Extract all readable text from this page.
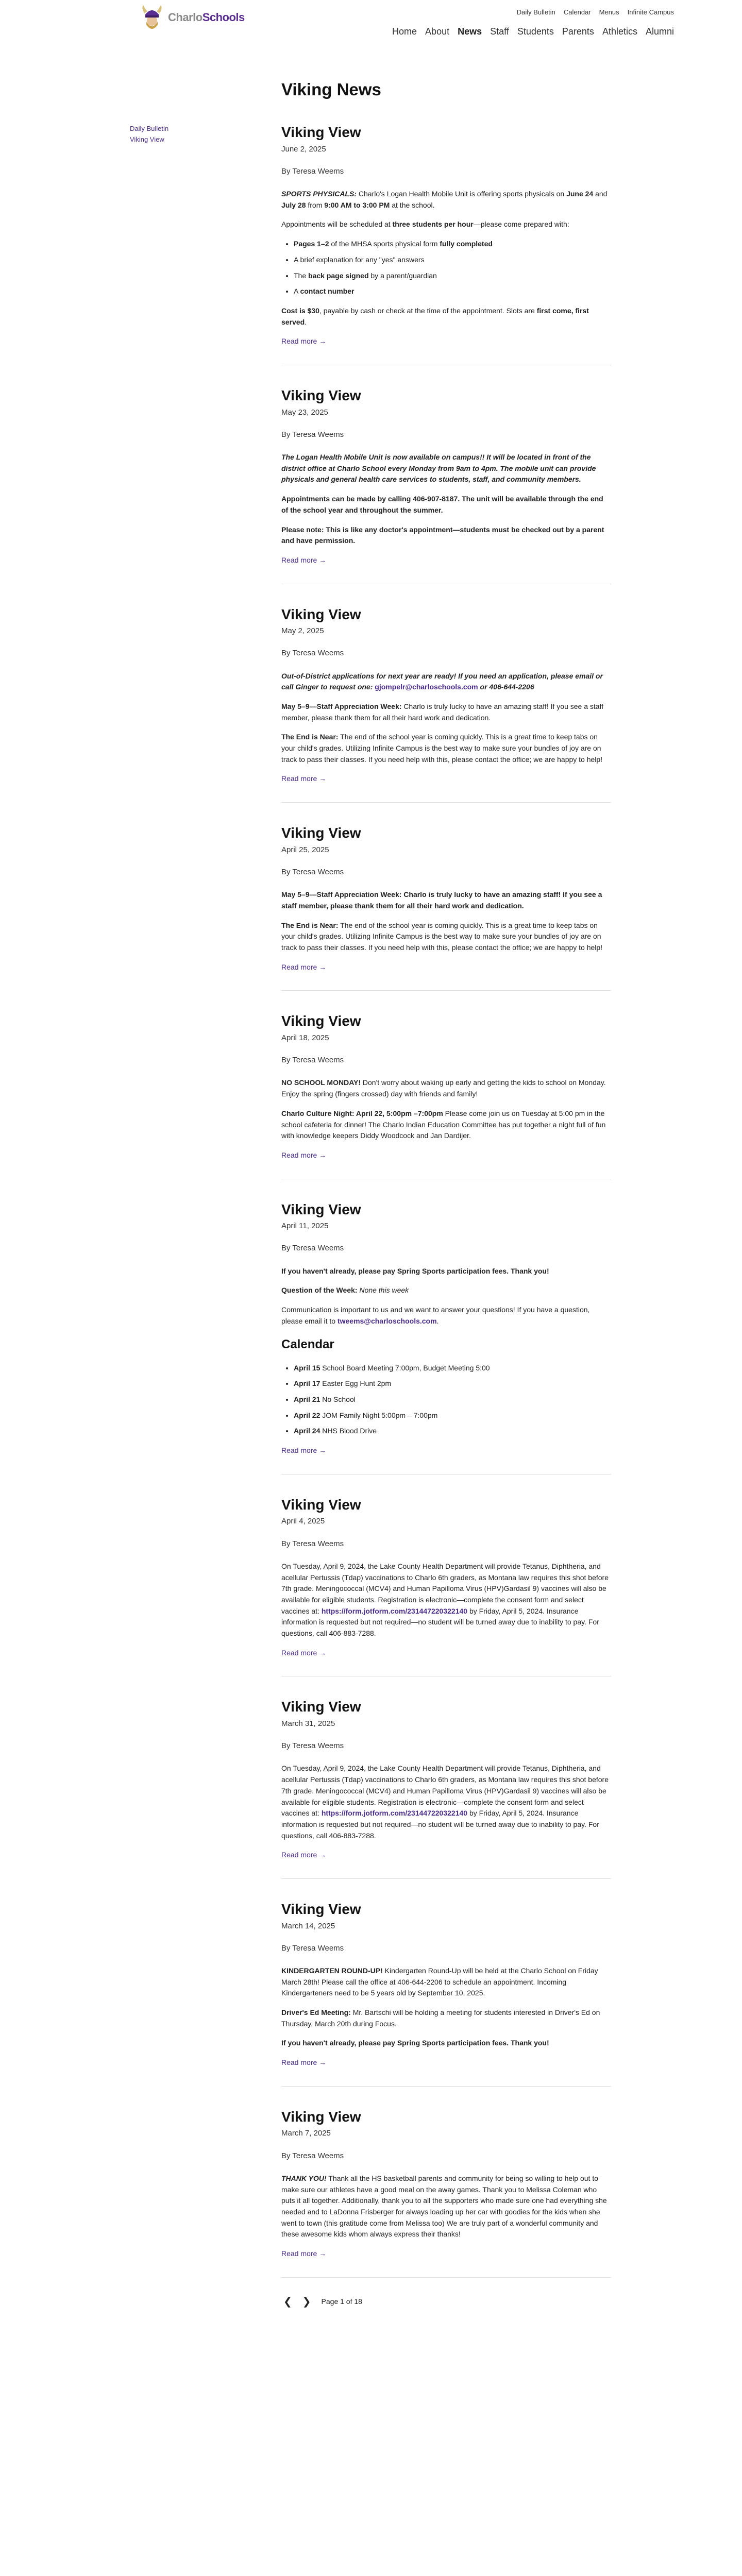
CharloSchools	Daily Bulletin Calendar Menus Infinite Campus
Home About News Staff Students Parents Athletics Alumni
Viking News
Daily Bulletin
Viking View	Viking View
June 2, 2025
By Teresa Weems

SPORTS PHYSICALS: Charlo's Logan Health Mobile Unit is offering sports physicals on June 24 and July 28 from 9:00 AM to 3:00 PM at the school.

Appointments will be scheduled at three students per hour—please come prepared with:

• Pages 1–2 of the MHSA sports physical form fully completed
• A brief explanation for any "yes" answers
• The back page signed by a parent/guardian
• A contact number

Cost is $30, payable by cash or check at the time of the appointment. Slots are first come, first served.

Read more →
Viking View
May 23, 2025
By Teresa Weems

The Logan Health Mobile Unit is now available on campus!! It will be located in front of the district office at Charlo School every Monday from 9am to 4pm. The mobile unit can provide physicals and general health care services to students, staff, and community members.

Appointments can be made by calling 406-907-8187. The unit will be available through the end of the school year and throughout the summer.

Please note: This is like any doctor's appointment—students must be checked out by a parent and have permission.

Read more →
Viking View
May 2, 2025
By Teresa Weems

Out-of-District applications for next year are ready! If you need an application, please email or call Ginger to request one: gjompelr@charloschools.com or 406-644-2206

May 5–9—Staff Appreciation Week: Charlo is truly lucky to have an amazing staff! If you see a staff member, please thank them for all their hard work and dedication.

The End is Near: The end of the school year is coming quickly. This is a great time to keep tabs on your child's grades. Utilizing Infinite Campus is the best way to make sure your bundles of joy are on track to pass their classes. If you need help with this, please contact the office; we are happy to help!

Read more →
Viking View
April 25, 2025
By Teresa Weems

May 5–9—Staff Appreciation Week: Charlo is truly lucky to have an amazing staff! If you see a staff member, please thank them for all their hard work and dedication.

The End is Near: The end of the school year is coming quickly. This is a great time to keep tabs on your child's grades. Utilizing Infinite Campus is the best way to make sure your bundles of joy are on track to pass their classes. If you need help with this, please contact the office; we are happy to help!

Read more →
Viking View
April 18, 2025
By Teresa Weems

NO SCHOOL MONDAY! Don't worry about waking up early and getting the kids to school on Monday. Enjoy the spring (fingers crossed) day with friends and family!

Charlo Culture Night: April 22, 5:00pm –7:00pm Please come join us on Tuesday at 5:00 pm in the school cafeteria for dinner! The Charlo Indian Education Committee has put together a night full of fun with knowledge keepers Diddy Woodcock and Jan Dardijer.

Read more →
Viking View
April 11, 2025
By Teresa Weems

If you haven't already, please pay Spring Sports participation fees. Thank you!

Question of the Week: None this week

Communication is important to us and we want to answer your questions! If you have a question, please email it to tweems@charloschools.com.

Calendar
• April 15 School Board Meeting 7:00pm, Budget Meeting 5:00
• April 17 Easter Egg Hunt 2pm
• April 21 No School
• April 22 JOM Family Night 5:00pm – 7:00pm
• April 24 NHS Blood Drive
Read more →
Viking View
April 4, 2025
By Teresa Weems

On Tuesday, April 9, 2024, the Lake County Health Department will provide Tetanus, Diphtheria, and acellular Pertussis (Tdap) vaccinations to Charlo 6th graders, as Montana law requires this shot before 7th grade. Meningococcal (MCV4) and Human Papilloma Virus (HPV)Gardasil 9) vaccines will also be available for eligible students. Registration is electronic—complete the consent form and select vaccines at: https://form.jotform.com/231447220322140 by Friday, April 5, 2024. Insurance information is requested but not required—no student will be turned away due to inability to pay. For questions, call 406-883-7288.

Read more →
Viking View
March 31, 2025
By Teresa Weems

On Tuesday, April 9, 2024, the Lake County Health Department will provide Tetanus, Diphtheria, and acellular Pertussis (Tdap) vaccinations to Charlo 6th graders, as Montana law requires this shot before 7th grade. Meningococcal (MCV4) and Human Papilloma Virus (HPV)Gardasil 9) vaccines will also be available for eligible students. Registration is electronic—complete the consent form and select vaccines at: https://form.jotform.com/231447220322140 by Friday, April 5, 2024. Insurance information is requested but not required—no student will be turned away due to inability to pay. For questions, call 406-883-7288.

Read more →
Viking View
March 14, 2025
By Teresa Weems

KINDERGARTEN ROUND-UP! Kindergarten Round-Up will be held at the Charlo School on Friday March 28th! Please call the office at 406-644-2206 to schedule an appointment. Incoming Kindergarteners need to be 5 years old by September 10, 2025.

Driver's Ed Meeting: Mr. Bartschi will be holding a meeting for students interested in Driver's Ed on Thursday, March 20th during Focus.

If you haven't already, please pay Spring Sports participation fees. Thank you!

Read more →
Viking View
March 7, 2025
By Teresa Weems

THANK YOU! Thank all the HS basketball parents and community for being so willing to help out to make sure our athletes have a good meal on the away games. Thank you to Melissa Coleman who puts it all together. Additionally, thank you to all the supporters who made sure one had everything she needed and to LaDonna Frisberger for always loading up her car with goodies for the kids when she went to town (this gratitude come from Melissa too) We are truly part of a wonderful community and these awesome kids whom always express their thanks!

Read more →
❮ ❯ Page 1 of 18
